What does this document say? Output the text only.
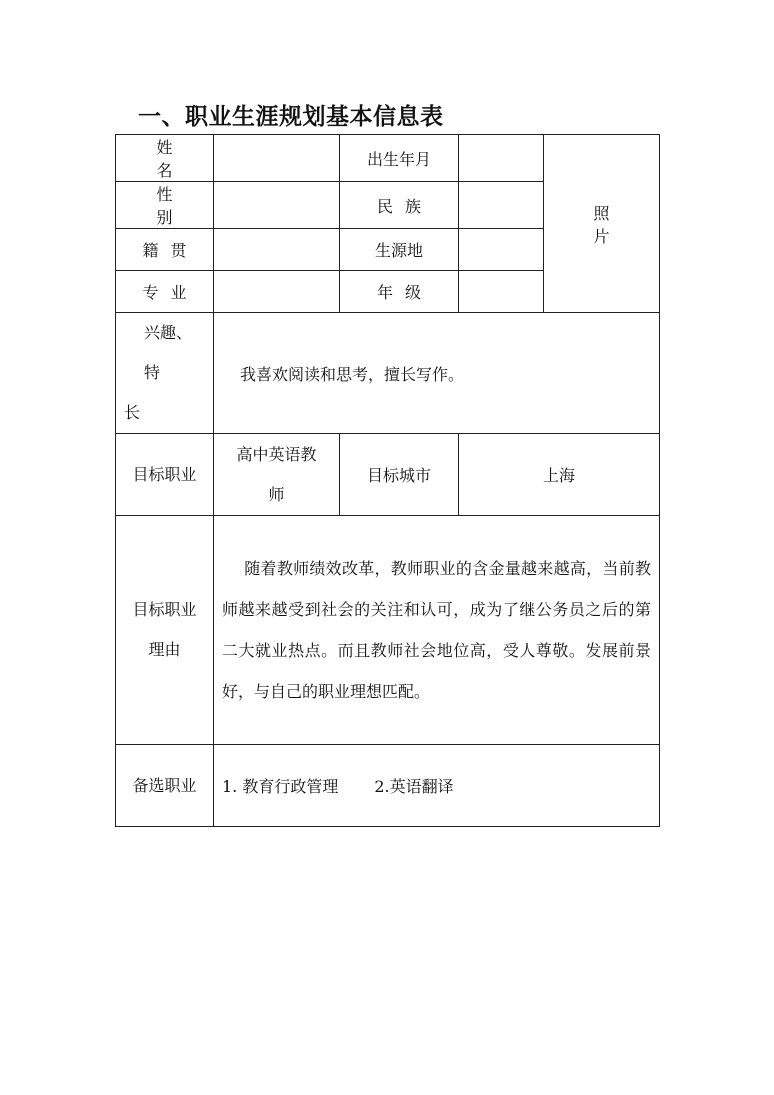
一、职业生涯规划基本信息表
姓名		出生年月		照片
性别		民族		
籍贯		生源地		
专业		年级		
兴趣、特
长	我喜欢阅读和思考，擅长写作。			
目标职业	高中英语教师	目标城市	上海	
目标职业理由	随着教师绩效改革，教师职业的含金量越来越高，当前教师越来越受到社会的关注和认可，成为了继公务员之后的第二大就业热点。而且教师社会地位高，受人尊敬。发展前景好，与自己的职业理想匹配。			
备选职业	1. 教育行政管理 2.英语翻译			
